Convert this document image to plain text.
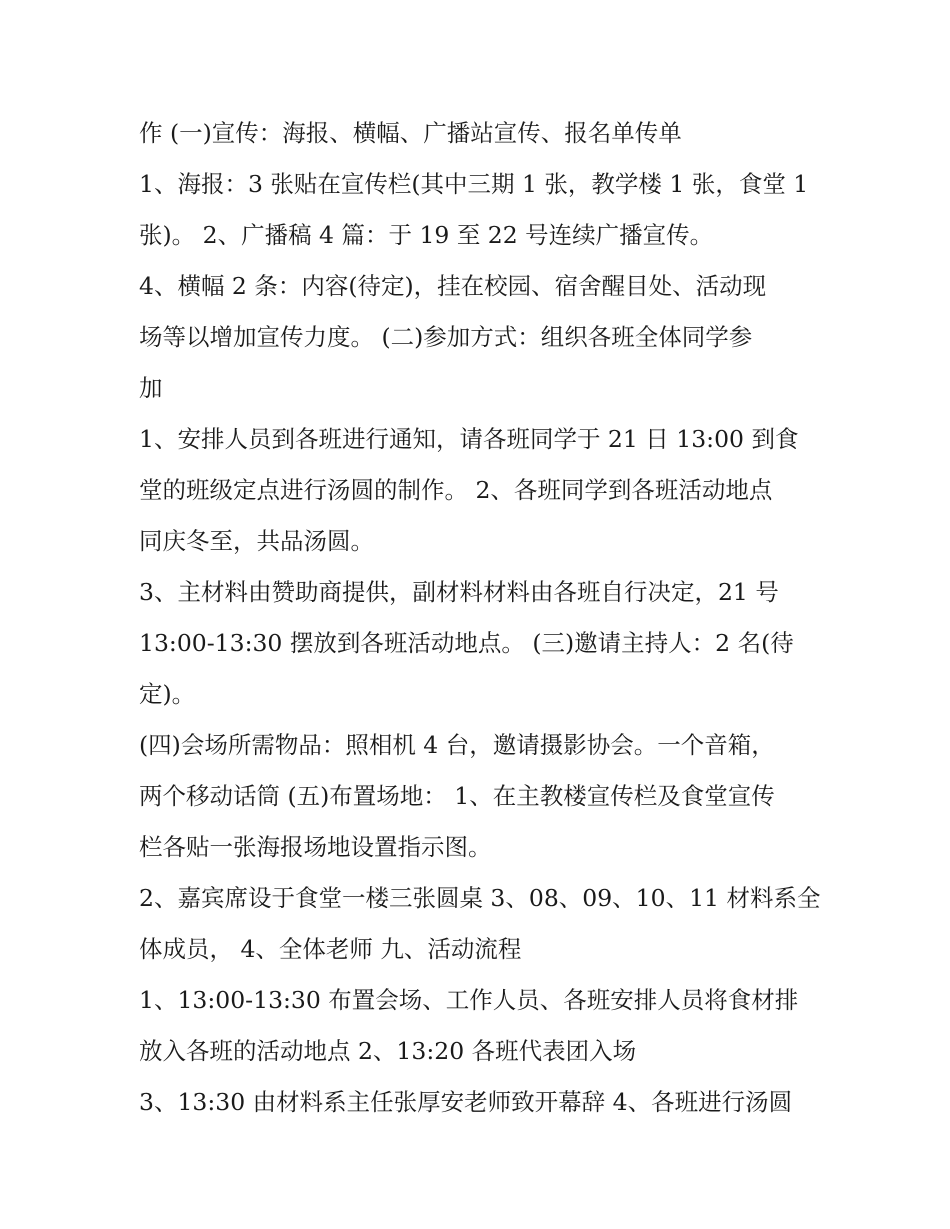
作 (一)宣传：海报、横幅、广播站宣传、报名单传单
1、海报：3 张贴在宣传栏(其中三期 1 张，教学楼 1 张，食堂 1
张)。 2、广播稿 4 篇：于 19 至 22 号连续广播宣传。
4、横幅 2 条：内容(待定)，挂在校园、宿舍醒目处、活动现
场等以增加宣传力度。 (二)参加方式：组织各班全体同学参
加
1、安排人员到各班进行通知，请各班同学于 21 日 13:00 到食
堂的班级定点进行汤圆的制作。 2、各班同学到各班活动地点
同庆冬至，共品汤圆。
3、主材料由赞助商提供，副材料材料由各班自行决定，21 号
13:00-13:30 摆放到各班活动地点。 (三)邀请主持人：2 名(待
定)。
(四)会场所需物品：照相机 4 台，邀请摄影协会。一个音箱，
两个移动话筒 (五)布置场地： 1、在主教楼宣传栏及食堂宣传
栏各贴一张海报场地设置指示图。
2、嘉宾席设于食堂一楼三张圆桌 3、08、09、10、11 材料系全
体成员， 4、全体老师 九、活动流程
1、13:00-13:30 布置会场、工作人员、各班安排人员将食材排
放入各班的活动地点 2、13:20 各班代表团入场
3、13:30 由材料系主任张厚安老师致开幕辞 4、各班进行汤圆
